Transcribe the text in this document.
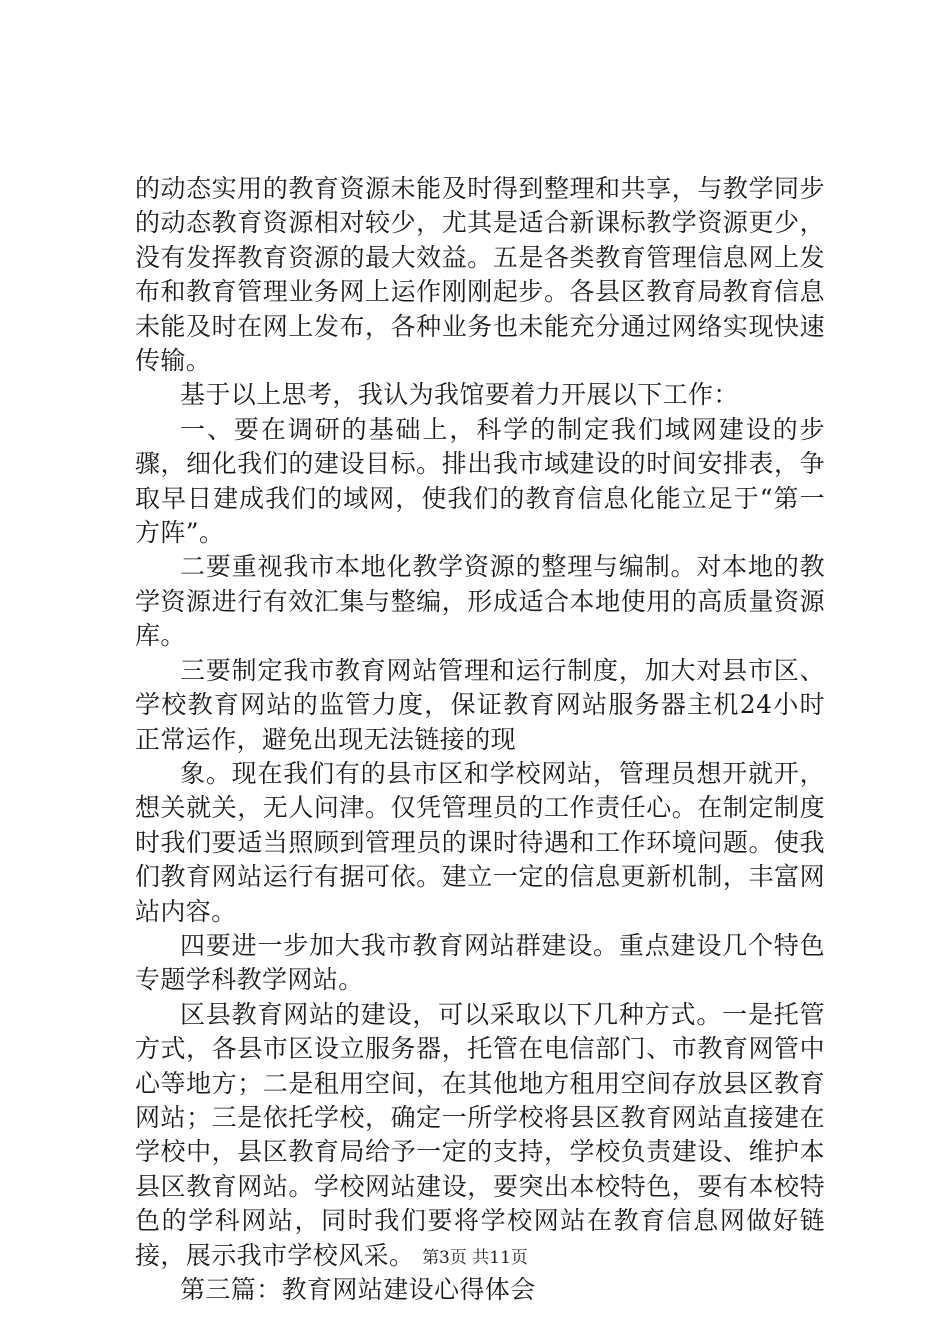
的动态实用的教育资源未能及时得到整理和共享，与教学同步的动态教育资源相对较少，尤其是适合新课标教学资源更少，没有发挥教育资源的最大效益。五是各类教育管理信息网上发布和教育管理业务网上运作刚刚起步。各县区教育局教育信息未能及时在网上发布，各种业务也未能充分通过网络实现快速传输。

基于以上思考，我认为我馆要着力开展以下工作：

一、要在调研的基础上，科学的制定我们域网建设的步骤，细化我们的建设目标。排出我市域建设的时间安排表，争取早日建成我们的域网，使我们的教育信息化能立足于“第一方阵”。

二要重视我市本地化教学资源的整理与编制。对本地的教学资源进行有效汇集与整编，形成适合本地使用的高质量资源库。

三要制定我市教育网站管理和运行制度，加大对县市区、学校教育网站的监管力度，保证教育网站服务器主机24小时正常运作，避免出现无法链接的现

象。现在我们有的县市区和学校网站，管理员想开就开，想关就关，无人问津。仅凭管理员的工作责任心。在制定制度时我们要适当照顾到管理员的课时待遇和工作环境问题。使我们教育网站运行有据可依。建立一定的信息更新机制，丰富网站内容。

四要进一步加大我市教育网站群建设。重点建设几个特色专题学科教学网站。

区县教育网站的建设，可以采取以下几种方式。一是托管方式，各县市区设立服务器，托管在电信部门、市教育网管中心等地方；二是租用空间，在其他地方租用空间存放县区教育网站；三是依托学校，确定一所学校将县区教育网站直接建在学校中，县区教育局给予一定的支持，学校负责建设、维护本县区教育网站。学校网站建设，要突出本校特色，要有本校特色的学科网站，同时我们要将学校网站在教育信息网做好链接，展示我市学校风采。

第三篇：教育网站建设心得体会

第3页 共11页
